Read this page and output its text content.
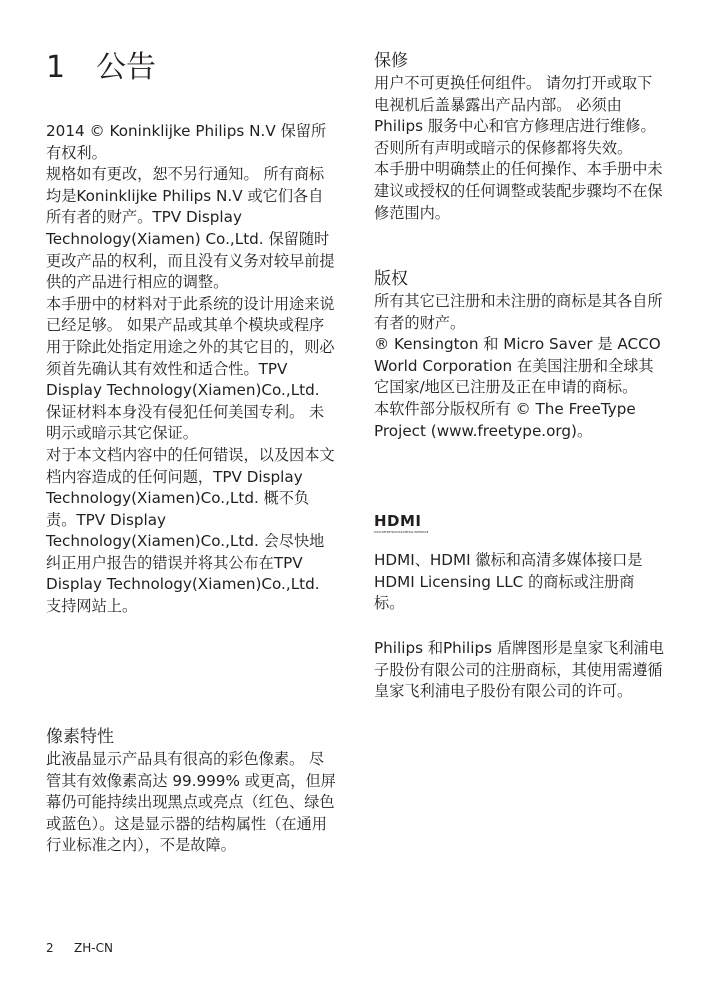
1 公告

2014 © Koninklijke Philips N.V 保留所有权利。

规格如有更改，恕不另行通知。 所有商标均是Koninklijke Philips N.V 或它们各自所有者的财产。TPV Display Technology(Xiamen) Co.,Ltd. 保留随时更改产品的权利，而且没有义务对较早前提供的产品进行相应的调整。

本手册中的材料对于此系统的设计用途来说已经足够。 如果产品或其单个模块或程序用于除此处指定用途之外的其它目的，则必须首先确认其有效性和适合性。TPV Display Technology(Xiamen)Co.,Ltd. 保证材料本身没有侵犯任何美国专利。 未明示或暗示其它保证。

对于本文档内容中的任何错误，以及因本文档内容造成的任何问题，TPV Display Technology(Xiamen)Co.,Ltd. 概不负责。TPV Display Technology(Xiamen)Co.,Ltd. 会尽快地纠正用户报告的错误并将其公布在TPV Display Technology(Xiamen)Co.,Ltd. 支持网站上。

像素特性

此液晶显示产品具有很高的彩色像素。 尽管其有效像素高达 99.999% 或更高，但屏幕仍可能持续出现黑点或亮点（红色、绿色或蓝色）。这是显示器的结构属性（在通用行业标准之内），不是故障。

保修

用户不可更换任何组件。 请勿打开或取下电视机后盖暴露出产品内部。 必须由Philips 服务中心和官方修理店进行维修。否则所有声明或暗示的保修都将失效。

本手册中明确禁止的任何操作、本手册中未建议或授权的任何调整或装配步骤均不在保修范围内。

版权

所有其它已注册和未注册的商标是其各自所有者的财产。

® Kensington 和 Micro Saver 是 ACCO World Corporation 在美国注册和全球其它国家/地区已注册及正在申请的商标。

本软件部分版权所有 © The FreeType Project (www.freetype.org)。

HDMI
HIGH-DEFINITION MULTIMEDIA INTERFACE

HDMI、HDMI 徽标和高清多媒体接口是 HDMI Licensing LLC 的商标或注册商标。

Philips 和Philips 盾牌图形是皇家飞利浦电子股份有限公司的注册商标，其使用需遵循皇家飞利浦电子股份有限公司的许可。

2 ZH-CN
